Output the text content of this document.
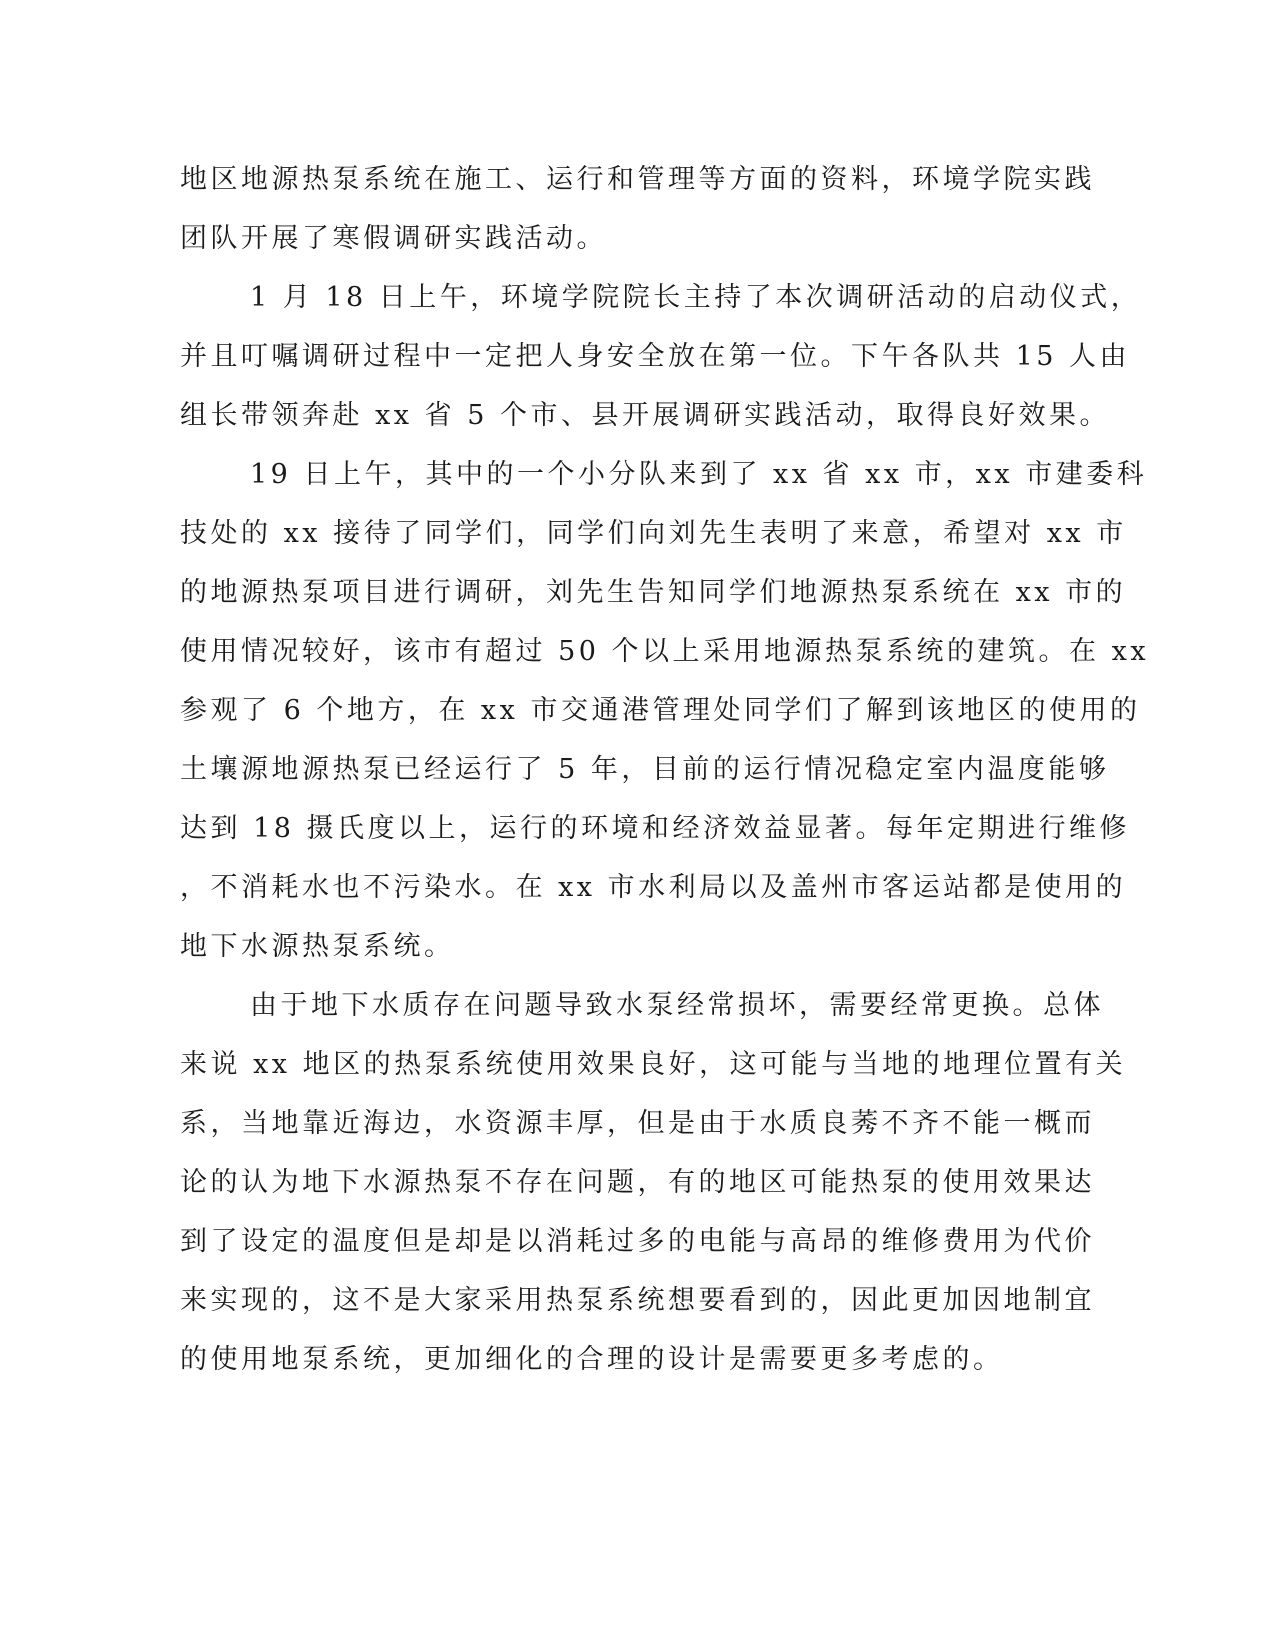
地区地源热泵系统在施工、运行和管理等方面的资料，环境学院实践
团队开展了寒假调研实践活动。
1 月 18 日上午，环境学院院长主持了本次调研活动的启动仪式，
并且叮嘱调研过程中一定把人身安全放在第一位。下午各队共 15 人由
组长带领奔赴 xx 省 5 个市、县开展调研实践活动，取得良好效果。
19 日上午，其中的一个小分队来到了 xx 省 xx 市，xx 市建委科
技处的 xx 接待了同学们，同学们向刘先生表明了来意，希望对 xx 市
的地源热泵项目进行调研，刘先生告知同学们地源热泵系统在 xx 市的
使用情况较好，该市有超过 50 个以上采用地源热泵系统的建筑。在 xx
参观了 6 个地方，在 xx 市交通港管理处同学们了解到该地区的使用的
土壤源地源热泵已经运行了 5 年，目前的运行情况稳定室内温度能够
达到 18 摄氏度以上，运行的环境和经济效益显著。每年定期进行维修
，不消耗水也不污染水。在 xx 市水利局以及盖州市客运站都是使用的
地下水源热泵系统。
由于地下水质存在问题导致水泵经常损坏，需要经常更换。总体
来说 xx 地区的热泵系统使用效果良好，这可能与当地的地理位置有关
系，当地靠近海边，水资源丰厚，但是由于水质良莠不齐不能一概而
论的认为地下水源热泵不存在问题，有的地区可能热泵的使用效果达
到了设定的温度但是却是以消耗过多的电能与高昂的维修费用为代价
来实现的，这不是大家采用热泵系统想要看到的，因此更加因地制宜
的使用地泵系统，更加细化的合理的设计是需要更多考虑的。
